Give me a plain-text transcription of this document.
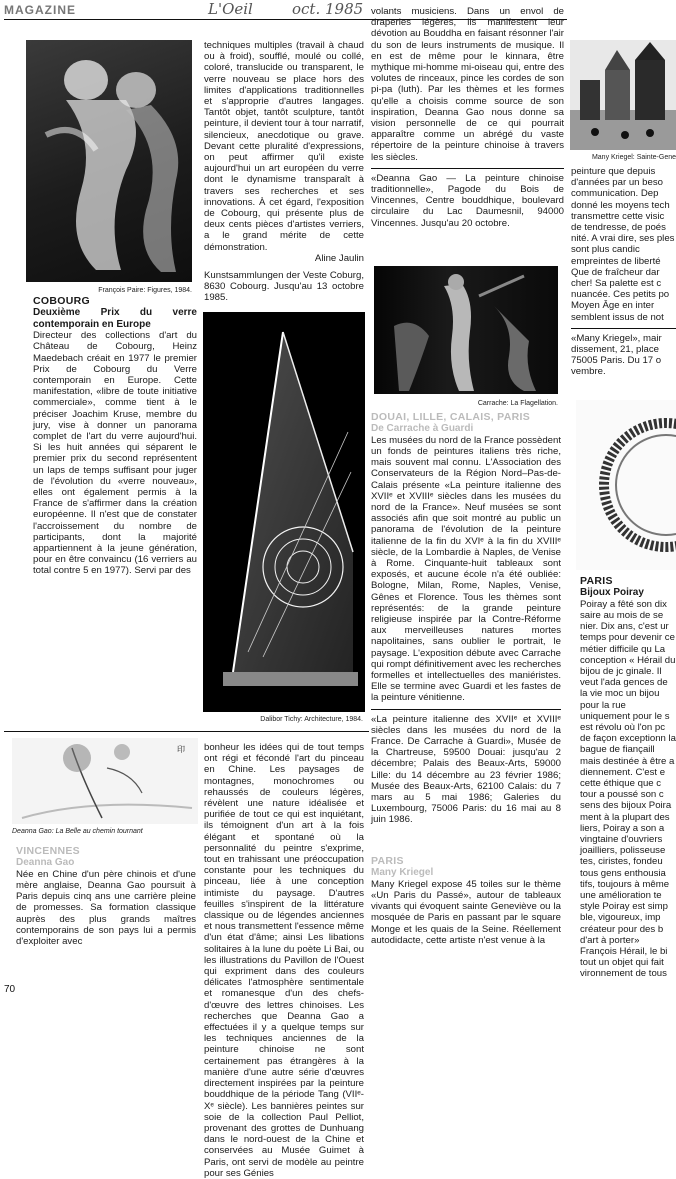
MAGAZINE	L'Oeil	oct. 1985
François Paire: Figures, 1984.
COBOURG
Deuxième Prix du verre contemporain en Europe

Directeur des collections d'art du Château de Cobourg, Heinz Maedebach créait en 1977 le premier Prix de Cobourg du Verre contemporain en Europe. Cette manifestation, «libre de toute initiative commerciale», comme tient à le préciser Joachim Kruse, membre du jury, vise à donner un panorama complet de l'art du verre aujourd'hui. Si les huit années qui séparent le premier prix du second représentent un laps de temps suffisant pour juger de l'évolution du «verre nouveau», elles ont également permis à la France de s'affirmer dans la création européenne. Il n'est que de constater l'accroissement du nombre de participants, dont la majorité appartiennent à la jeune génération, pour en être convaincu (16 verriers au total contre 5 en 1977). Servi par des

techniques multiples (travail à chaud ou à froid), soufflé, moulé ou collé, coloré, translucide ou transparent, le verre nouveau se place hors des limites d'applications traditionnelles et s'approprie d'autres langages. Tantôt objet, tantôt sculpture, tantôt peinture, il devient tour à tour narratif, silencieux, anecdotique ou grave. Devant cette pluralité d'expressions, on peut affirmer qu'il existe aujourd'hui un art européen du verre dont le dynamisme transparaît à travers ses recherches et ses innovations. À cet égard, l'exposition de Cobourg, qui présente plus de deux cents pièces d'artistes verriers, a le grand mérite de cette démonstration.

Aline Jaulin

Kunstsammlungen der Veste Coburg, 8630 Cobourg. Jusqu'au 13 octobre 1985.

Dalibor Tichy: Architecture, 1984.

volants musiciens. Dans un envol de draperies légères, ils manifestent leur dévotion au Bouddha en faisant résonner l'air du son de leurs instruments de musique. Il en est de même pour le kinnara, être mythique mi-homme mi-oiseau qui, entre des volutes de rinceaux, pince les cordes de son pi-pa (luth). Par les thèmes et les formes qu'elle a choisis comme source de son inspiration, Deanna Gao nous donne sa vision personnelle de ce qui pourrait apparaître comme un abrégé du vaste répertoire de la peinture chinoise à travers les siècles.

«Deanna Gao — La peinture chinoise traditionnelle», Pagode du Bois de Vincennes, Centre bouddhique, boulevard circulaire du Lac Daumesnil, 94000 Vincennes. Jusqu'au 20 octobre.

Carrache: La Flagellation.
DOUAI, LILLE, CALAIS, PARIS
De Carrache à Guardi

Les musées du nord de la France possèdent un fonds de peintures italiens très riche, mais souvent mal connu. L'Association des Conservateurs de la Région Nord–Pas-de-Calais présente «La peinture italienne des XVIIᵉ et XVIIIᵉ siècles dans les musées du nord de la France». Neuf musées se sont associés afin que soit montré au public un panorama de l'évolution de la peinture italienne de la fin du XVIᵉ à la fin du XVIIIᵉ siècle, de la Lombardie à Naples, de Venise à Rome. Cinquante-huit tableaux sont exposés, et aucune école n'a été oubliée: Bologne, Milan, Rome, Naples, Venise, Gênes et Florence. Tous les thèmes sont représentés: de la grande peinture religieuse inspirée par la Contre-Réforme aux merveilleuses natures mortes napolitaines, sans oublier le portrait, le paysage. L'exposition débute avec Carrache qui rompt définitivement avec les recherches formelles et intellectuelles des maniéristes. Elle se termine avec Guardi et les fastes de la peinture vénitienne.

«La peinture italienne des XVIIᵉ et XVIIIᵉ siècles dans les musées du nord de la France. De Carrache à Guardi», Musée de la Chartreuse, 59500 Douai: jusqu'au 2 décembre; Palais des Beaux-Arts, 59000 Lille: du 14 décembre au 23 février 1986; Musée des Beaux-Arts, 62100 Calais: du 7 mars au 5 mai 1986; Galeries du Luxembourg, 75006 Paris: du 16 mai au 8 juin 1986.

PARIS
Many Kriegel

Many Kriegel expose 45 toiles sur le thème «Un Paris du Passé», autour de tableaux vivants qui évoquent sainte Geneviève ou la mosquée de Paris en passant par le square Monge et les quais de la Seine. Réellement autodidacte, cette artiste n'est venue à la

Many Kriegel: Sainte-Gene

peinture que depuis d'années par un beso communication. Dep donné les moyens tech transmettre cette visic de tendresse, de poés nité. A vrai dire, ses ples sont plus candic empreintes de liberté Que de fraîcheur dar cher! Sa palette est c nuancée. Ces petits po Moyen Âge en inter semblent issus de not

«Many Kriegel», mair dissement, 21, place 75005 Paris. Du 17 o vembre.

PARIS
Bijoux Poiray

Poiray a fêté son dix saire au mois de se nier. Dix ans, c'est ur temps pour devenir ce métier difficile qu La conception « Hérail du bijou de jc ginale. Il veut l'ada gences de la vie moc un bijou pour la rue uniquement pour le s est révolu où l'on pc de façon exceptionn la bague de fiançaill mais destinée à être a diennement. C'est e cette éthique que c tour a poussé son c sens des bijoux Poira ment à la plupart des liers, Poiray a son a vingtaine d'ouvriers joailliers, polisseuse tes, ciristes, fondeu tous gens enthousia tifs, toujours à même une amélioration te style Poiray est simp ble, vigoureux, imp créateur pour des b d'art à porter» François Hérail, le bi tout un objet qui fait vironnement de tous

印
Deanna Gao: La Belle au chemin tournant
VINCENNES
Deanna Gao

Née en Chine d'un père chinois et d'une mère anglaise, Deanna Gao poursuit à Paris depuis cinq ans une carrière pleine de promesses. Sa formation classique auprès des plus grands maîtres contemporains de son pays lui a permis d'exploiter avec

bonheur les idées qui de tout temps ont régi et fécondé l'art du pinceau en Chine. Les paysages de montagnes, monochromes ou rehaussés de couleurs légères, révèlent une nature idéalisée et purifiée de tout ce qui est inquiétant, ils témoignent d'un art à la fois élégant et spontané où la personnalité du peintre s'exprime, tout en trahissant une préoccupation constante pour les techniques du pinceau, liée à une conception intimiste du paysage. D'autres feuilles s'inspirent de la littérature classique ou de légendes anciennes et nous transmettent l'essence même d'un état d'âme; ainsi Les libations solitaires à la lune du poète Li Bai, ou les illustrations du Pavillon de l'Ouest qui expriment dans des couleurs délicates l'atmosphère sentimentale et romanesque d'un des chefs-d'œuvre des lettres chinoises. Les recherches que Deanna Gao a effectuées il y a quelque temps sur les techniques anciennes de la peinture chinoise ne sont certainement pas étrangères à la manière d'une autre série d'œuvres directement inspirées par la peinture bouddhique de la période Tang (VIIᵉ-Xᵉ siècle). Les bannières peintes sur soie de la collection Paul Pelliot, provenant des grottes de Dunhuang dans le nord-ouest de la Chine et conservées au Musée Guimet à Paris, ont servi de modèle au peintre pour ses Génies

70
